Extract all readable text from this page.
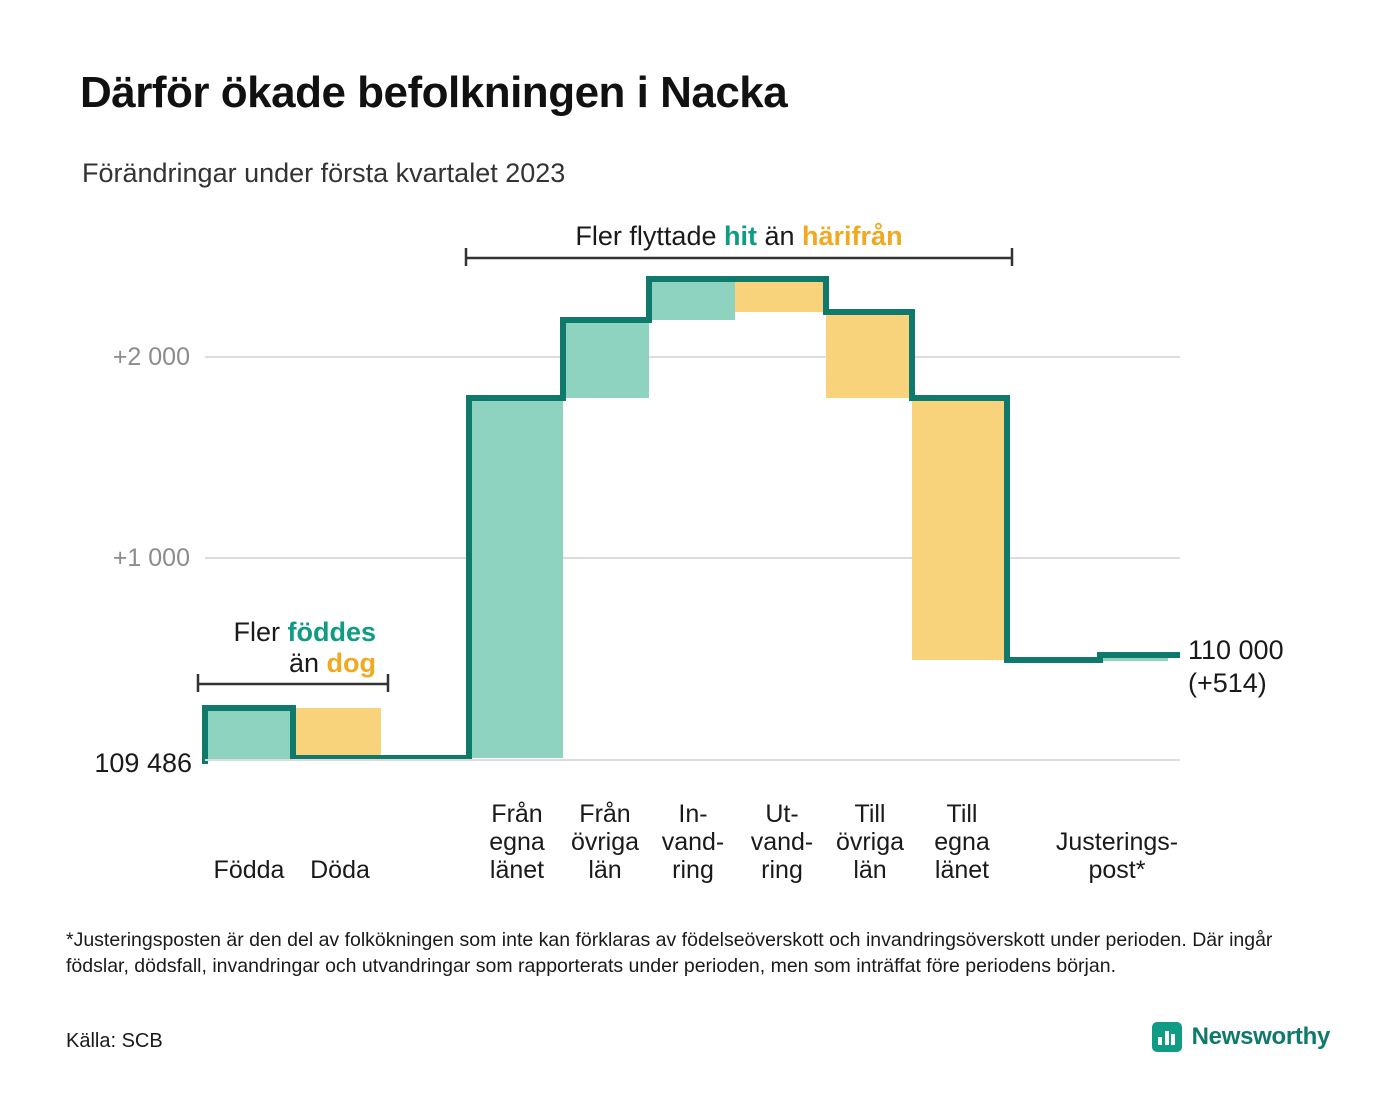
Därför ökade befolkningen i Nacka
Förändringar under första kvartalet 2023
+2 000
+1 000
Fler flyttade hit än härifrån
Fler föddes
än dog
109 486
110 000
(+514)
Födda Döda
Från
egna
länet
Från
övriga
län
In-
vand-
ring
Ut-
vand-
ring
Till
övriga
län
Till
egna
länet
Justerings-
post*
*Justeringsposten är den del av folkökningen som inte kan förklaras av födelseöverskott och invandringsöverskott under perioden. Där ingår födslar, dödsfall, invandringar och utvandringar som rapporterats under perioden, men som inträffat före periodens början.
Källa: SCB	Newsworthy
